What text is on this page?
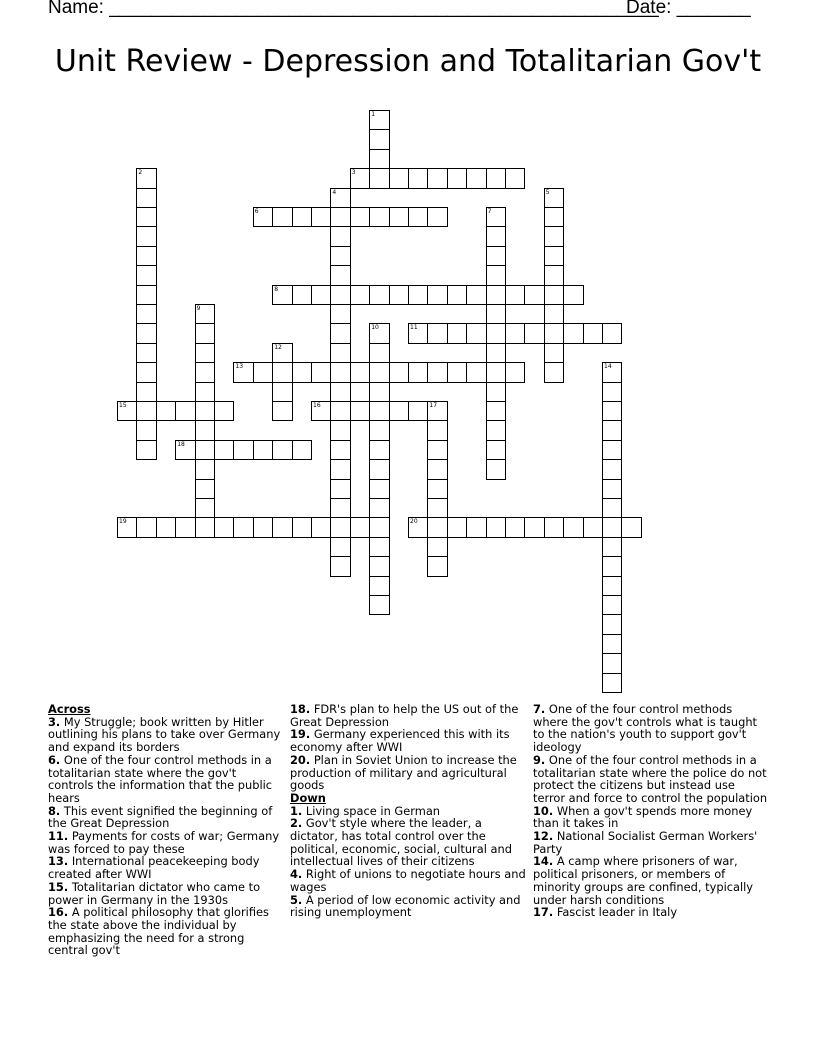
Name: ____________________________________________________
Date: _______
Unit Review - Depression and Totalitarian Gov't
1
2	3
4	5
6	7
8
9
10	11
12
13	14
15	16	17
18
19	20
Across
3. My Struggle; book written by Hitler outlining his plans to take over Germany and expand its borders
6. One of the four control methods in a totalitarian state where the gov't controls the information that the public hears
8. This event signified the beginning of the Great Depression
11. Payments for costs of war; Germany was forced to pay these
13. International peacekeeping body created after WWI
15. Totalitarian dictator who came to power in Germany in the 1930s
16. A political philosophy that glorifies the state above the individual by emphasizing the need for a strong central gov't
18. FDR's plan to help the US out of the Great Depression
19. Germany experienced this with its economy after WWI
20. Plan in Soviet Union to increase the production of military and agricultural goods
Down
1. Living space in German
2. Gov't style where the leader, a dictator, has total control over the political, economic, social, cultural and intellectual lives of their citizens
4. Right of unions to negotiate hours and wages
5. A period of low economic activity and rising unemployment
7. One of the four control methods where the gov't controls what is taught to the nation's youth to support gov't ideology
9. One of the four control methods in a totalitarian state where the police do not protect the citizens but instead use terror and force to control the population
10. When a gov't spends more money than it takes in
12. National Socialist German Workers' Party
14. A camp where prisoners of war, political prisoners, or members of minority groups are confined, typically under harsh conditions
17. Fascist leader in Italy
